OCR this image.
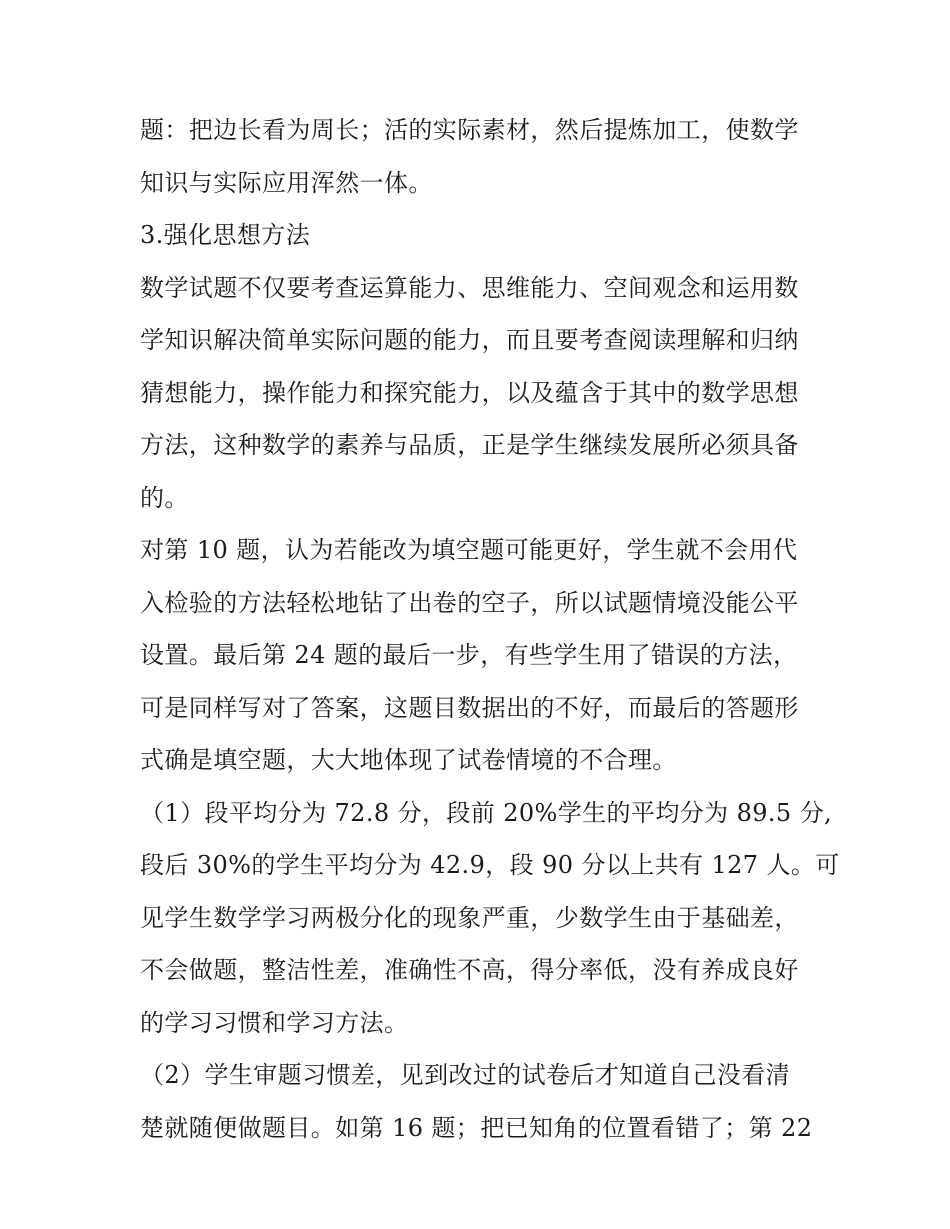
题：把边长看为周长；活的实际素材，然后提炼加工，使数学
知识与实际应用浑然一体。
3.强化思想方法
数学试题不仅要考查运算能力、思维能力、空间观念和运用数
学知识解决简单实际问题的能力，而且要考查阅读理解和归纳
猜想能力，操作能力和探究能力，以及蕴含于其中的数学思想
方法，这种数学的素养与品质，正是学生继续发展所必须具备
的。
对第 10 题，认为若能改为填空题可能更好，学生就不会用代
入检验的方法轻松地钻了出卷的空子，所以试题情境没能公平
设置。最后第 24 题的最后一步，有些学生用了错误的方法，
可是同样写对了答案，这题目数据出的不好，而最后的答题形
式确是填空题，大大地体现了试卷情境的不合理。
（1）段平均分为 72.8 分，段前 20%学生的平均分为 89.5 分,
段后 30%的学生平均分为 42.9，段 90 分以上共有 127 人。可
见学生数学学习两极分化的现象严重，少数学生由于基础差，
不会做题，整洁性差，准确性不高，得分率低，没有养成良好
的学习习惯和学习方法。
（2）学生审题习惯差，见到改过的试卷后才知道自己没看清
楚就随便做题目。如第 16 题；把已知角的位置看错了；第 22
